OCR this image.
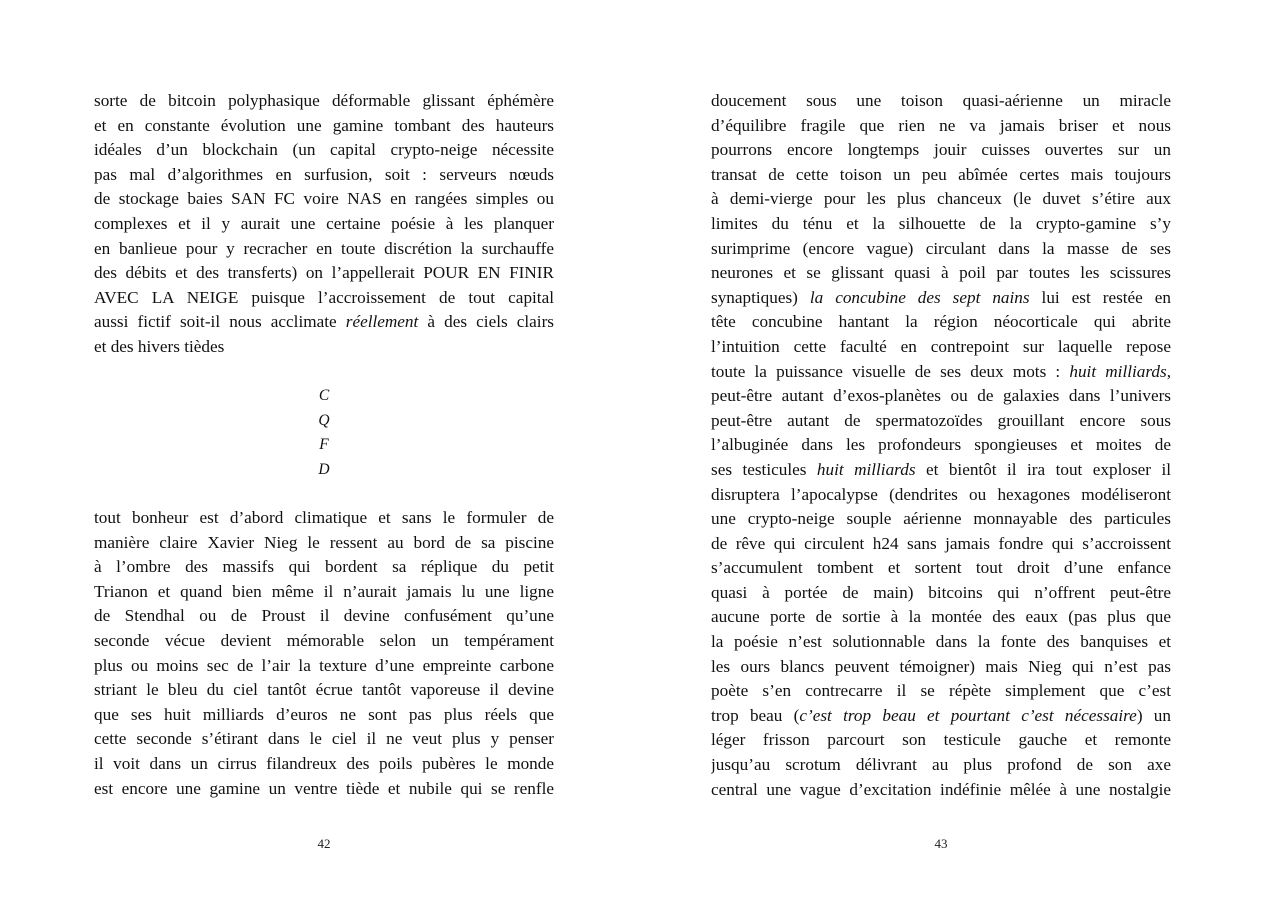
sorte de bitcoin polyphasique déformable glissant éphémère
et en constante évolution une gamine tombant des hauteurs
idéales d’un blockchain (un capital crypto-neige nécessite
pas mal d’algorithmes en surfusion, soit : serveurs nœuds
de stockage baies SAN FC voire NAS en rangées simples ou
complexes et il y aurait une certaine poésie à les planquer
en banlieue pour y recracher en toute discrétion la surchauffe
des débits et des transferts) on l’appellerait POUR EN FINIR
AVEC LA NEIGE puisque l’accroissement de tout capital
aussi fictif soit-il nous acclimate réellement à des ciels clairs
et des hivers tièdes
C
Q
F
D
tout bonheur est d’abord climatique et sans le formuler de
manière claire Xavier Nieg le ressent au bord de sa piscine
à l’ombre des massifs qui bordent sa réplique du petit
Trianon et quand bien même il n’aurait jamais lu une ligne
de Stendhal ou de Proust il devine confusément qu’une
seconde vécue devient mémorable selon un tempérament
plus ou moins sec de l’air la texture d’une empreinte carbone
striant le bleu du ciel tantôt écrue tantôt vaporeuse il devine
que ses huit milliards d’euros ne sont pas plus réels que
cette seconde s’étirant dans le ciel il ne veut plus y penser
il voit dans un cirrus filandreux des poils pubères le monde
est encore une gamine un ventre tiède et nubile qui se renfle
42
doucement sous une toison quasi-aérienne un miracle
d’équilibre fragile que rien ne va jamais briser et nous
pourrons encore longtemps jouir cuisses ouvertes sur un
transat de cette toison un peu abîmée certes mais toujours
à demi-vierge pour les plus chanceux (le duvet s’étire aux
limites du ténu et la silhouette de la crypto-gamine s’y
surimprime (encore vague) circulant dans la masse de ses
neurones et se glissant quasi à poil par toutes les scissures
synaptiques) la concubine des sept nains lui est restée en
tête concubine hantant la région néocorticale qui abrite
l’intuition cette faculté en contrepoint sur laquelle repose
toute la puissance visuelle de ses deux mots : huit milliards,
peut-être autant d’exos-planètes ou de galaxies dans l’univers
peut-être autant de spermatozoïdes grouillant encore sous
l’albuginée dans les profondeurs spongieuses et moites de
ses testicules huit milliards et bientôt il ira tout exploser il
disruptera l’apocalypse (dendrites ou hexagones modéliseront
une crypto-neige souple aérienne monnayable des particules
de rêve qui circulent h24 sans jamais fondre qui s’accroissent
s’accumulent tombent et sortent tout droit d’une enfance
quasi à portée de main) bitcoins qui n’offrent peut-être
aucune porte de sortie à la montée des eaux (pas plus que
la poésie n’est solutionnable dans la fonte des banquises et
les ours blancs peuvent témoigner) mais Nieg qui n’est pas
poète s’en contrecarre il se répète simplement que c’est
trop beau (c’est trop beau et pourtant c’est nécessaire) un
léger frisson parcourt son testicule gauche et remonte
jusqu’au scrotum délivrant au plus profond de son axe
central une vague d’excitation indéfinie mêlée à une nostalgie
43
